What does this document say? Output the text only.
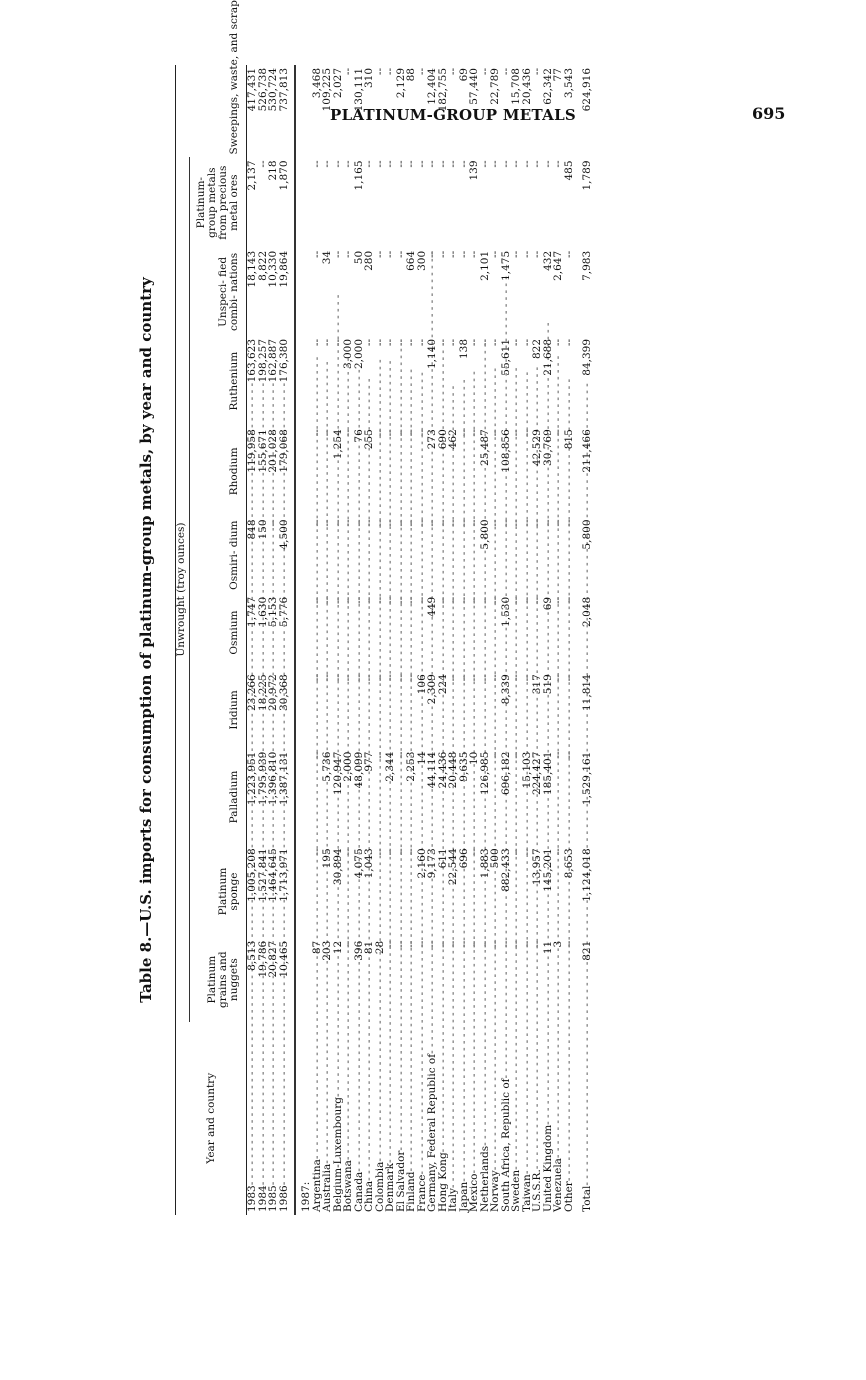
PLATINUM-GROUP METALS	695
Table 8.—U.S. imports for consumption of platinum-group metals, by year and country
Year and country	Unwrought (troy ounces)										Sweepings, waste, and scrap
	Platinum grains and nuggets	Platinum sponge	Palladium	Iridium	Osmium	Osmiri- dium	Rhodium	Ruthenium	Unspeci- fied combi- nations	Platinum- group metals from precious metal ores	
1983- - -	8,513	1,005,208	1,223,951	23,266	1,747	848	119,958	163,623	18,143	2,137	417,431
1984- - -	19,786	1,527,841	1,795,939	18,225	1,630	150	155,671	198,257	8,822	--	526,738
1985- - -	20,827	1,464,645	1,396,810	20,972	5,153	--	201,028	162,887	10,330	218	530,724
1986- - -	10,465	1,713,971	1,387,131	30,368	5,776	4,500	179,068	176,380	19,864	1,870	737,813
1987:											
Argentina- - -	87	--	--	--	--	--	--	--	--	--	3,468
Australia- - -	203	195	5,736	--	--	--	--	--	34	--	109,225
Belgium-Luxembourg- - -	12	30,894	120,947	--	--	--	1,254	--	--	--	2,027
Botswana- - -	--	--	2,000	--	--	--	--	3,000	--	--	--
Canada- - -	396	4,075	48,099	--	--	--	76	2,000	50	1,165	130,111
China- - -	81	1,043	977	--	--	--	255	--	280	--	310
Colombia- - -	28	--	--	--	--	--	--	--	--	--	--
Denmark- - -	--	--	2,344	--	--	--	--	--	--	--	--
El Salvador- - -	--	--	--	--	--	--	--	--	--	--	2,129
Finland- - -	--	--	2,253	--	--	--	--	--	664	--	88
France- - -	--	2,160	14	106	--	--	--	--	300	--	--
Germany, Federal Republic of- - -	--	9,173	44,114	2,309	449	--	273	1,140	--	--	12,404
Hong Kong- - -	--	611	24,436	224	--	--	690	--	--	--	182,755
Italy- - -	--	22,544	20,448	--	--	--	462	--	--	--	--
Japan- - -	--	696	9,635	--	--	--	--	138	--	--	69
Mexico- - -	--	--	10	--	--	--	--	--	--	139	57,440
Netherlands- - -	--	1,883	126,985	--	--	5,800	25,487	--	2,101	--	--
Norway- - -	--	500	--	--	--	--	--	--	--	--	22,789
South Africa, Republic of- - -	--	882,433	696,182	8,339	1,530	--	108,856	55,611	1,475	--	--
Sweden- - -	--	--	--	--	--	--	--	--	--	--	15,708
Taiwan- - -	--	--	15,103	--	--	--	--	--	--	--	20,436
U.S.S.R.- - -	--	13,957	224,427	317	--	--	42,529	822	--	--	--
United Kingdom- - -	11	145,201	185,401	519	69	--	30,769	21,688	432	--	62,342
Venezuela- - -	3	--	--	--	--	--	--	--	2,647	--	77
Other- - -	--	8,653	--	--	--	--	815	--	--	485	3,543
Total- - -	821	1,124,018	1,529,161	11,814	2,048	5,800	211,466	84,399	7,983	1,789	624,916
